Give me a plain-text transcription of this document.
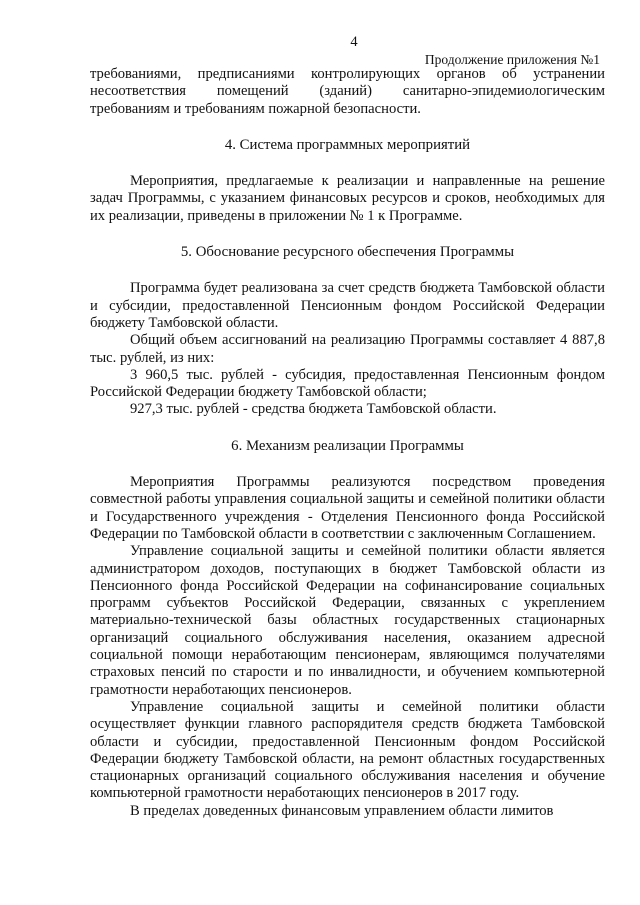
4
Продолжение приложения №1

требованиями, предписаниями контролирующих органов об устранении несоответствия помещений (зданий) санитарно-эпидемиологическим требованиям и требованиям пожарной безопасности.

4. Система программных мероприятий

Мероприятия, предлагаемые к реализации и направленные на решение задач Программы, с указанием финансовых ресурсов и сроков, необходимых для их реализации, приведены в приложении № 1 к Программе.

5. Обоснование ресурсного обеспечения Программы

Программа будет реализована за счет средств бюджета Тамбовской области и субсидии, предоставленной Пенсионным фондом Российской Федерации бюджету Тамбовской области.

Общий объем ассигнований на реализацию Программы составляет 4 887,8 тыс. рублей, из них:

3 960,5 тыс. рублей - субсидия, предоставленная Пенсионным фондом Российской Федерации бюджету Тамбовской области;

927,3 тыс. рублей - средства бюджета Тамбовской области.

6. Механизм реализации Программы

Мероприятия Программы реализуются посредством проведения совместной работы управления социальной защиты и семейной политики области и Государственного учреждения - Отделения Пенсионного фонда Российской Федерации по Тамбовской области в соответствии с заключенным Соглашением.

Управление социальной защиты и семейной политики области является администратором доходов, поступающих в бюджет Тамбовской области из Пенсионного фонда Российской Федерации на софинансирование социальных программ субъектов Российской Федерации, связанных с укреплением материально-технической базы областных государственных стационарных организаций социального обслуживания населения, оказанием адресной социальной помощи неработающим пенсионерам, являющимся получателями страховых пенсий по старости и по инвалидности, и обучением компьютерной грамотности неработающих пенсионеров.

Управление социальной защиты и семейной политики области осуществляет функции главного распорядителя средств бюджета Тамбовской области и субсидии, предоставленной Пенсионным фондом Российской Федерации бюджету Тамбовской области, на ремонт областных государственных стационарных организаций социального обслуживания населения и обучение компьютерной грамотности неработающих пенсионеров в 2017 году.

В пределах доведенных финансовым управлением области лимитов
